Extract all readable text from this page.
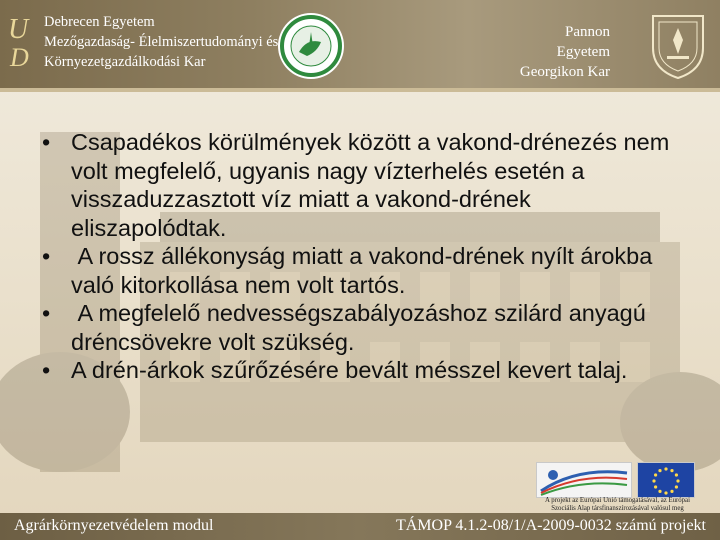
U
D
Debrecen Egyetem
Mezőgazdaság- Élelmiszertudományi és
Környezetgazdálkodási Kar
Pannon Egyetem
Georgikon Kar
• Csapadékos körülmények között a vakond-drénezés nem volt megfelelő, ugyanis nagy vízterhelés esetén a visszaduzzasztott víz miatt a vakond-drének eliszapolódtak.
• A rossz állékonyság miatt a vakond-drének nyílt árokba való kitorkollása nem volt tartós.
• A megfelelő nedvességszabályozáshoz szilárd anyagú dréncsövekre volt szükség.
• A drén-árkok szűrőzésére bevált mésszel kevert talaj.
A projekt az Európai Unió támogatásával, az Európai
Szociális Alap társfinanszírozásával valósul meg
Agrárkörnyezetvédelem modul	TÁMOP 4.1.2-08/1/A-2009-0032 számú projekt
